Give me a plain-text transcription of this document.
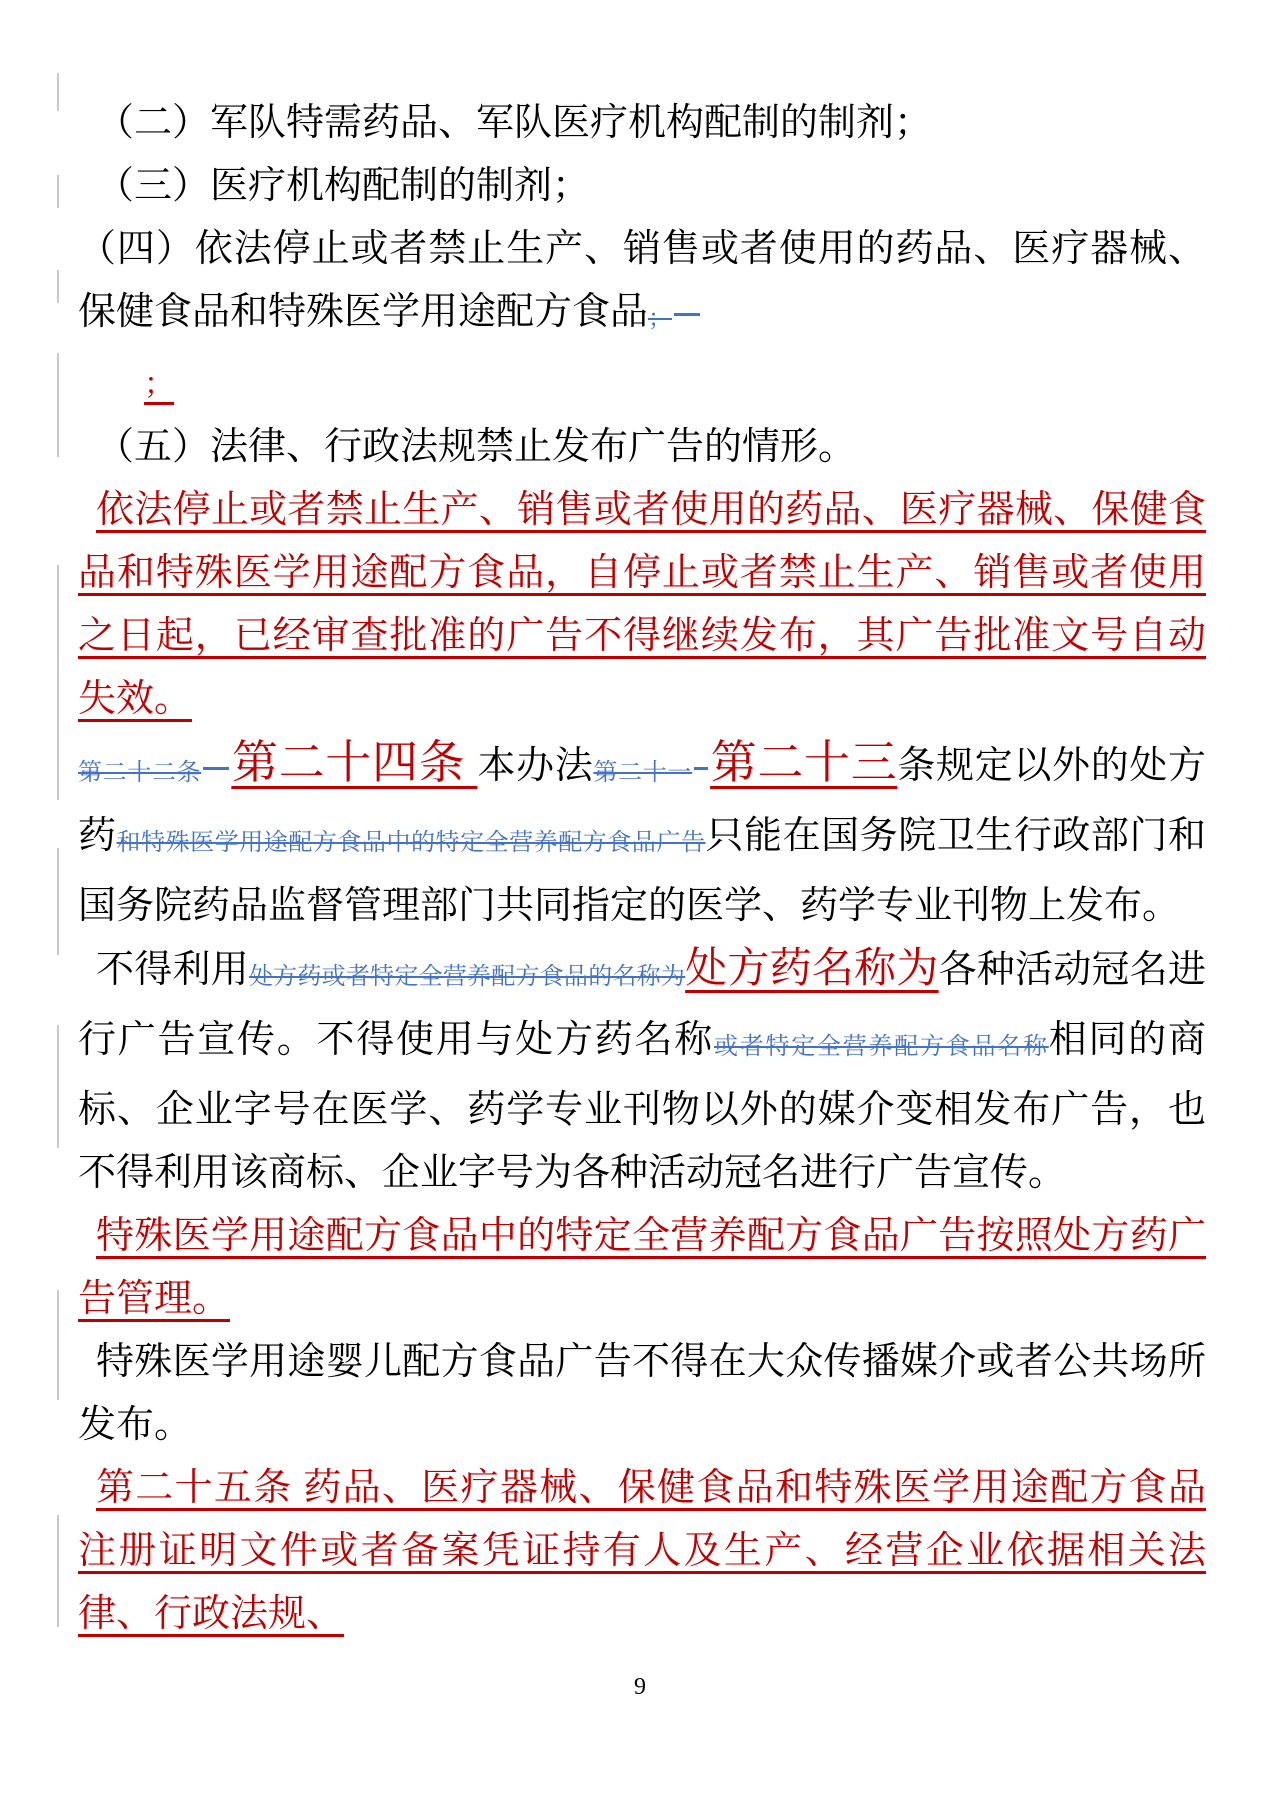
（二）军队特需药品、军队医疗机构配制的制剂；

（三）医疗机构配制的制剂；

（四）依法停止或者禁止生产、销售或者使用的药品、医疗器械、保健食品和特殊医学用途配方食品；

；

（五）法律、行政法规禁止发布广告的情形。

依法停止或者禁止生产、销售或者使用的药品、医疗器械、保健食品和特殊医学用途配方食品，自停止或者禁止生产、销售或者使用之日起，已经审查批准的广告不得继续发布，其广告批准文号自动失效。

第二十二条 第二十四条 本办法第二十一 第二十三条规定以外的处方药和特殊医学用途配方食品中的特定全营养配方食品广告只能在国务院卫生行政部门和国务院药品监督管理部门共同指定的医学、药学专业刊物上发布。

不得利用处方药或者特定全营养配方食品的名称为处方药名称为各种活动冠名进行广告宣传。不得使用与处方药名称或者特定全营养配方食品名称相同的商标、企业字号在医学、药学专业刊物以外的媒介变相发布广告，也不得利用该商标、企业字号为各种活动冠名进行广告宣传。

特殊医学用途配方食品中的特定全营养配方食品广告按照处方药广告管理。

特殊医学用途婴儿配方食品广告不得在大众传播媒介或者公共场所发布。

第二十五条 药品、医疗器械、保健食品和特殊医学用途配方食品注册证明文件或者备案凭证持有人及生产、经营企业依据相关法律、行政法规、

9
